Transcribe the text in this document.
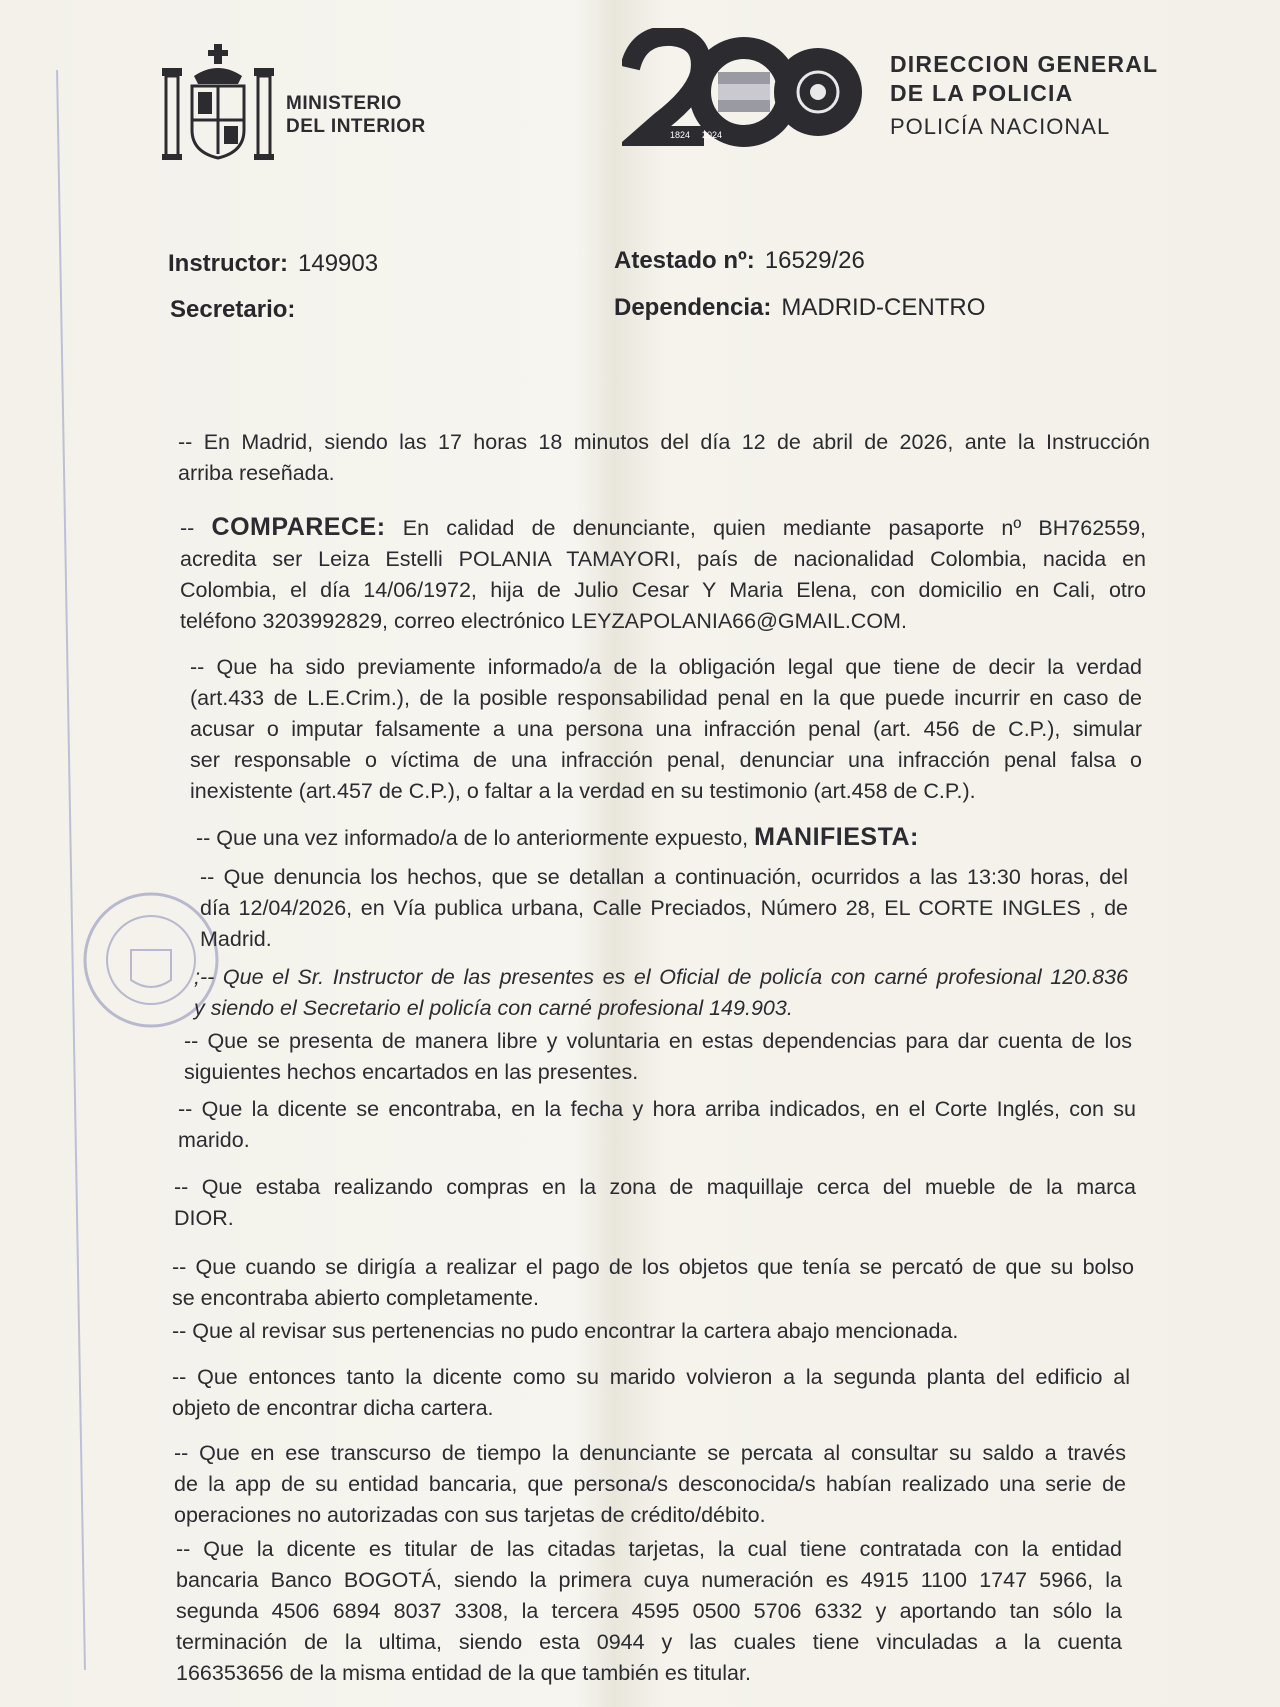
MINISTERIO
DEL INTERIOR	1824 2024
DIRECCION GENERAL
DE LA POLICIA
POLICÍA NACIONAL
Instructor: 149903	Atestado nº: 16529/26
Secretario:	Dependencia: MADRID-CENTRO
-- En Madrid, siendo las 17 horas 18 minutos del día 12 de abril de 2026, ante la Instrucción
arriba reseñada.
-- COMPARECE: En calidad de denunciante, quien mediante pasaporte nº BH762559,
acredita ser Leiza Estelli POLANIA TAMAYORI, país de nacionalidad Colombia, nacida en
Colombia, el día 14/06/1972, hija de Julio Cesar Y Maria Elena, con domicilio en Cali, otro
teléfono 3203992829, correo electrónico LEYZAPOLANIA66@GMAIL.COM.
-- Que ha sido previamente informado/a de la obligación legal que tiene de decir la verdad
(art.433 de L.E.Crim.), de la posible responsabilidad penal en la que puede incurrir en caso de
acusar o imputar falsamente a una persona una infracción penal (art. 456 de C.P.), simular
ser responsable o víctima de una infracción penal, denunciar una infracción penal falsa o
inexistente (art.457 de C.P.), o faltar a la verdad en su testimonio (art.458 de C.P.).
-- Que una vez informado/a de lo anteriormente expuesto, MANIFIESTA:
-- Que denuncia los hechos, que se detallan a continuación, ocurridos a las 13:30 horas, del
día 12/04/2026, en Vía publica urbana, Calle Preciados, Número 28, EL CORTE INGLES , de
Madrid.
;-- Que el Sr. Instructor de las presentes es el Oficial de policía con carné profesional 120.836
y siendo el Secretario el policía con carné profesional 149.903.
-- Que se presenta de manera libre y voluntaria en estas dependencias para dar cuenta de los
siguientes hechos encartados en las presentes.
-- Que la dicente se encontraba, en la fecha y hora arriba indicados, en el Corte Inglés, con su
marido.
-- Que estaba realizando compras en la zona de maquillaje cerca del mueble de la marca
DIOR.
-- Que cuando se dirigía a realizar el pago de los objetos que tenía se percató de que su bolso
se encontraba abierto completamente.
-- Que al revisar sus pertenencias no pudo encontrar la cartera abajo mencionada.
-- Que entonces tanto la dicente como su marido volvieron a la segunda planta del edificio al
objeto de encontrar dicha cartera.
-- Que en ese transcurso de tiempo la denunciante se percata al consultar su saldo a través
de la app de su entidad bancaria, que persona/s desconocida/s habían realizado una serie de
operaciones no autorizadas con sus tarjetas de crédito/débito.
-- Que la dicente es titular de las citadas tarjetas, la cual tiene contratada con la entidad
bancaria Banco BOGOTÁ, siendo la primera cuya numeración es 4915 1100 1747 5966, la
segunda 4506 6894 8037 3308, la tercera 4595 0500 5706 6332 y aportando tan sólo la
terminación de la ultima, siendo esta 0944 y las cuales tiene vinculadas a la cuenta
166353656 de la misma entidad de la que también es titular.
